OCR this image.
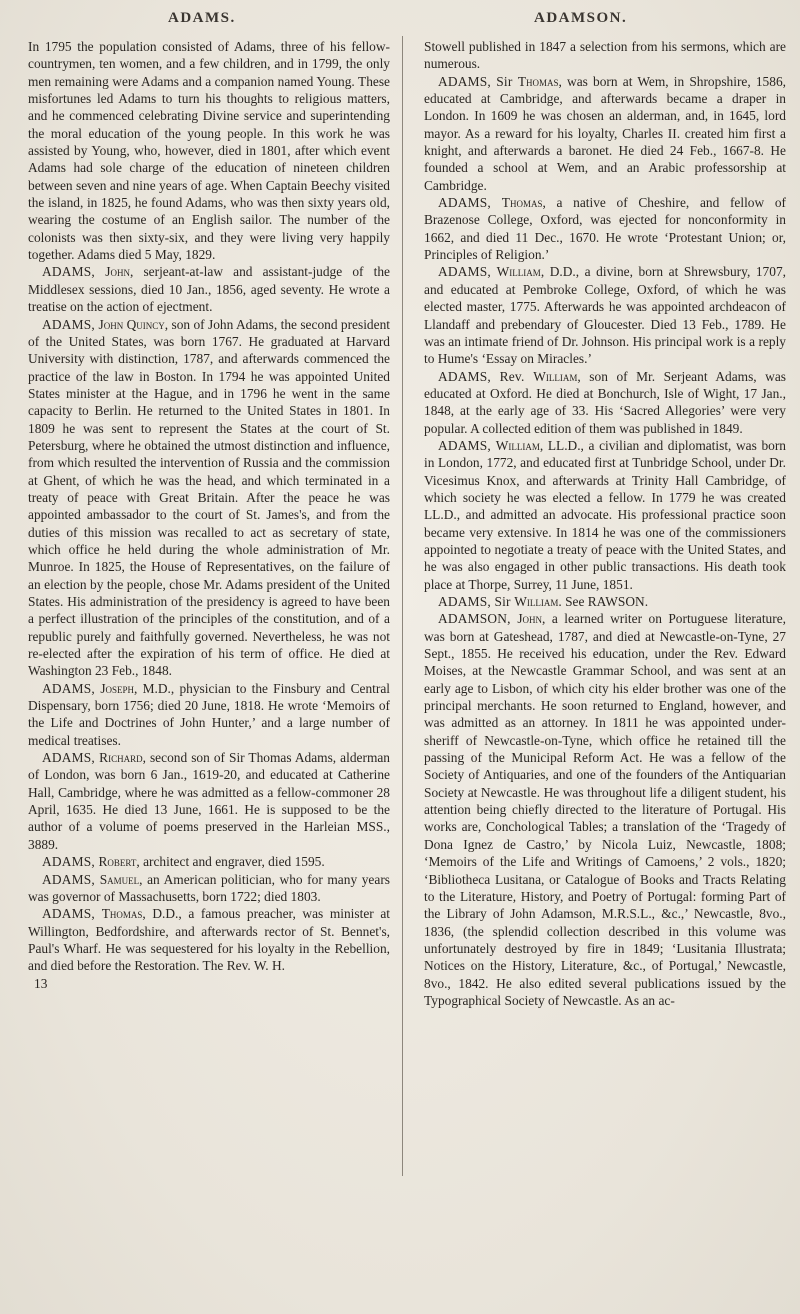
ADAMS.	ADAMSON.

In 1795 the population consisted of Adams, three of his fellow-countrymen, ten women, and a few children, and in 1799, the only men remaining were Adams and a companion named Young. These misfortunes led Adams to turn his thoughts to religious matters, and he commenced celebrating Divine service and superintending the moral education of the young people. In this work he was assisted by Young, who, however, died in 1801, after which event Adams had sole charge of the education of nineteen children between seven and nine years of age. When Captain Beechy visited the island, in 1825, he found Adams, who was then sixty years old, wearing the costume of an English sailor. The number of the colonists was then sixty-six, and they were living very happily together. Adams died 5 May, 1829.

ADAMS, John, serjeant-at-law and assistant-judge of the Middlesex sessions, died 10 Jan., 1856, aged seventy. He wrote a treatise on the action of ejectment.

ADAMS, John Quincy, son of John Adams, the second president of the United States, was born 1767. He graduated at Harvard University with distinction, 1787, and afterwards commenced the practice of the law in Boston. In 1794 he was appointed United States minister at the Hague, and in 1796 he went in the same capacity to Berlin. He returned to the United States in 1801. In 1809 he was sent to represent the States at the court of St. Petersburg, where he obtained the utmost distinction and influence, from which resulted the intervention of Russia and the commission at Ghent, of which he was the head, and which terminated in a treaty of peace with Great Britain. After the peace he was appointed ambassador to the court of St. James's, and from the duties of this mission was recalled to act as secretary of state, which office he held during the whole administration of Mr. Munroe. In 1825, the House of Representatives, on the failure of an election by the people, chose Mr. Adams president of the United States. His administration of the presidency is agreed to have been a perfect illustration of the principles of the constitution, and of a republic purely and faithfully governed. Nevertheless, he was not re-elected after the expiration of his term of office. He died at Washington 23 Feb., 1848.

ADAMS, Joseph, M.D., physician to the Finsbury and Central Dispensary, born 1756; died 20 June, 1818. He wrote ‘Memoirs of the Life and Doctrines of John Hunter,’ and a large number of medical treatises.

ADAMS, Richard, second son of Sir Thomas Adams, alderman of London, was born 6 Jan., 1619-20, and educated at Catherine Hall, Cambridge, where he was admitted as a fellow-commoner 28 April, 1635. He died 13 June, 1661. He is supposed to be the author of a volume of poems preserved in the Harleian MSS., 3889.

ADAMS, Robert, architect and engraver, died 1595.

ADAMS, Samuel, an American politician, who for many years was governor of Massachusetts, born 1722; died 1803.

ADAMS, Thomas, D.D., a famous preacher, was minister at Willington, Bedfordshire, and afterwards rector of St. Bennet's, Paul's Wharf. He was sequestered for his loyalty in the Rebellion, and died before the Restoration. The Rev. W. H.

13

Stowell published in 1847 a selection from his sermons, which are numerous.

ADAMS, Sir Thomas, was born at Wem, in Shropshire, 1586, educated at Cambridge, and afterwards became a draper in London. In 1609 he was chosen an alderman, and, in 1645, lord mayor. As a reward for his loyalty, Charles II. created him first a knight, and afterwards a baronet. He died 24 Feb., 1667-8. He founded a school at Wem, and an Arabic professorship at Cambridge.

ADAMS, Thomas, a native of Cheshire, and fellow of Brazenose College, Oxford, was ejected for nonconformity in 1662, and died 11 Dec., 1670. He wrote ‘Protestant Union; or, Principles of Religion.’

ADAMS, William, D.D., a divine, born at Shrewsbury, 1707, and educated at Pembroke College, Oxford, of which he was elected master, 1775. Afterwards he was appointed archdeacon of Llandaff and prebendary of Gloucester. Died 13 Feb., 1789. He was an intimate friend of Dr. Johnson. His principal work is a reply to Hume's ‘Essay on Miracles.’

ADAMS, Rev. William, son of Mr. Serjeant Adams, was educated at Oxford. He died at Bonchurch, Isle of Wight, 17 Jan., 1848, at the early age of 33. His ‘Sacred Allegories’ were very popular. A collected edition of them was published in 1849.

ADAMS, William, LL.D., a civilian and diplomatist, was born in London, 1772, and educated first at Tunbridge School, under Dr. Vicesimus Knox, and afterwards at Trinity Hall Cambridge, of which society he was elected a fellow. In 1779 he was created LL.D., and admitted an advocate. His professional practice soon became very extensive. In 1814 he was one of the commissioners appointed to negotiate a treaty of peace with the United States, and he was also engaged in other public transactions. His death took place at Thorpe, Surrey, 11 June, 1851.

ADAMS, Sir William. See RAWSON.

ADAMSON, John, a learned writer on Portuguese literature, was born at Gateshead, 1787, and died at Newcastle-on-Tyne, 27 Sept., 1855. He received his education, under the Rev. Edward Moises, at the Newcastle Grammar School, and was sent at an early age to Lisbon, of which city his elder brother was one of the principal merchants. He soon returned to England, however, and was admitted as an attorney. In 1811 he was appointed under-sheriff of Newcastle-on-Tyne, which office he retained till the passing of the Municipal Reform Act. He was a fellow of the Society of Antiquaries, and one of the founders of the Antiquarian Society at Newcastle. He was throughout life a diligent student, his attention being chiefly directed to the literature of Portugal. His works are, Conchological Tables; a translation of the ‘Tragedy of Dona Ignez de Castro,’ by Nicola Luiz, Newcastle, 1808; ‘Memoirs of the Life and Writings of Camoens,’ 2 vols., 1820; ‘Bibliotheca Lusitana, or Catalogue of Books and Tracts Relating to the Literature, History, and Poetry of Portugal: forming Part of the Library of John Adamson, M.R.S.L., &c.,’ Newcastle, 8vo., 1836, (the splendid collection described in this volume was unfortunately destroyed by fire in 1849; ‘Lusitania Illustrata; Notices on the History, Literature, &c., of Portugal,’ Newcastle, 8vo., 1842. He also edited several publications issued by the Typographical Society of Newcastle. As an ac-
